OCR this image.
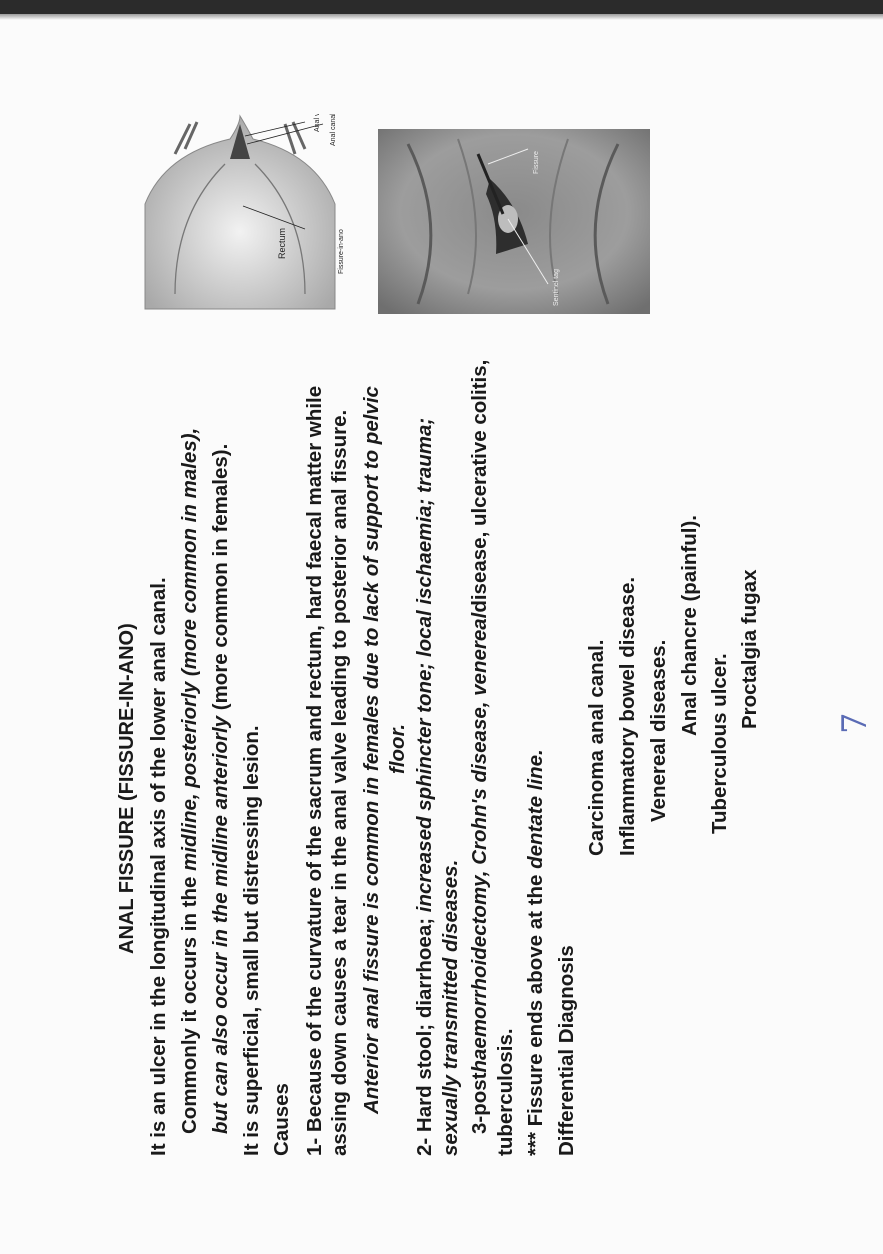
ANAL FISSURE (FISSURE-IN-ANO) It is an ulcer in the longitudinal axis of the lower anal canal. Commonly it occurs in the midline, posteriorly (more common in males),
but can also occur in the midline anteriorly (more common in females).
It is superficial, small but distressing lesion. Causes 1- Because of the curvature of the sacrum and rectum, hard faecal matter while assing down causes a tear in the anal valve leading to posterior anal fissure. Anterior anal fissure is common in females due to lack of support to pelvic floor.
2- Hard stool; diarrhoea; increased sphincter tone; local ischaemia; trauma;
sexually transmitted diseases. 3-posthaemorrhoidectomy, Crohn's disease, venerealdisease, ulcerative colitis,
tuberculosis. *** Fissure ends above at the dentate line.
Differential Diagnosis
Carcinoma anal canal. Inflammatory bowel disease. Venereal diseases. Anal chancre (painful).
Tuberculous ulcer.
Proctalgia fugax
Rectum
Anal valve Anal canal
Fissure-in-ano
Sentinel tag
Fissure
7
